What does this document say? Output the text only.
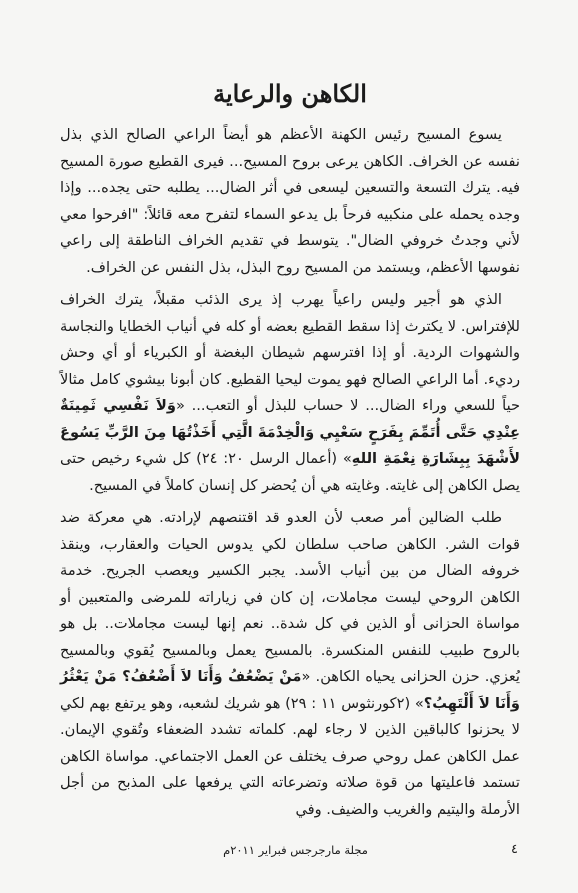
الكاهن والرعاية

يسوع المسيح رئيس الكهنة الأعظم هو أيضاً الراعي الصالح الذي بذل نفسه عن الخراف. الكاهن يرعى بروح المسيح... فيرى القطيع صورة المسيح فيه. يترك التسعة والتسعين ليسعى في أثر الضال... يطلبه حتى يجده... وإذا وجده يحمله على منكبيه فرحاً بل يدعو السماء لتفرح معه قائلاً: "افرحوا معي لأني وجدتُ خروفي الضال". يتوسط في تقديم الخراف الناطقة إلى راعي نفوسها الأعظم، ويستمد من المسيح روح البذل، بذل النفس عن الخراف.

الذي هو أجير وليس راعياً يهرب إذ يرى الذئب مقبلاً، يترك الخراف للإفتراس. لا يكترث إذا سقط القطيع بعضه أو كله في أنياب الخطايا والنجاسة والشهوات الردية. أو إذا افترسهم شيطان البغضة أو الكبرياء أو أي وحش رديء. أما الراعي الصالح فهو يموت ليحيا القطيع. كان أبونا بيشوي كامل مثالاً حياً للسعي وراء الضال... لا حساب للبذل أو التعب... «وَلاَ نَفْسِي ثَمِينَةٌ عِنْدِي حَتَّى أُتَمِّمَ بِفَرَحٍ سَعْيِي وَالْخِدْمَةَ الَّتِي أَخَذْتُهَا مِنَ الرَّبِّ يَسُوعَ لأَشْهَدَ بِبِشَارَةِ نِعْمَةِ اللهِ» (أعمال الرسل ٢٠: ٢٤) كل شيء رخيص حتى يصل الكاهن إلى غايته. وغايته هي أن يُحضر كل إنسان كاملاً في المسيح.

طلب الضالين أمر صعب لأن العدو قد اقتنصهم لإرادته. هي معركة ضد قوات الشر. الكاهن صاحب سلطان لكي يدوس الحيات والعقارب، وينقذ خروفه الضال من بين أنياب الأسد. يجبر الكسير ويعصب الجريح. خدمة الكاهن الروحي ليست مجاملات، إن كان في زياراته للمرضى والمتعبين أو مواساة الحزانى أو الذين في كل شدة.. نعم إنها ليست مجاملات.. بل هو بالروح طبيب للنفس المنكسرة. بالمسيح يعمل وبالمسيح يُقوي وبالمسيح يُعزي. حزن الحزانى يحياه الكاهن. «مَنْ يَضْعُفُ وَأَنَا لاَ أَضْعُفُ؟ مَنْ يَعْثُرُ وَأَنَا لاَ أَلْتَهِبُ؟» (٢كورنثوس ١١ : ٢٩) هو شريك لشعبه، وهو يرتفع بهم لكي لا يحزنوا كالباقين الذين لا رجاء لهم. كلماته تشدد الضعفاء وتُقوي الإيمان. عمل الكاهن عمل روحي صرف يختلف عن العمل الاجتماعي. مواساة الكاهن تستمد فاعليتها من قوة صلاته وتضرعاته التي يرفعها على المذبح من أجل الأرملة واليتيم والغريب والضيف. وفي

٤
مجلة مارجرجس فبراير ٢٠١١م
